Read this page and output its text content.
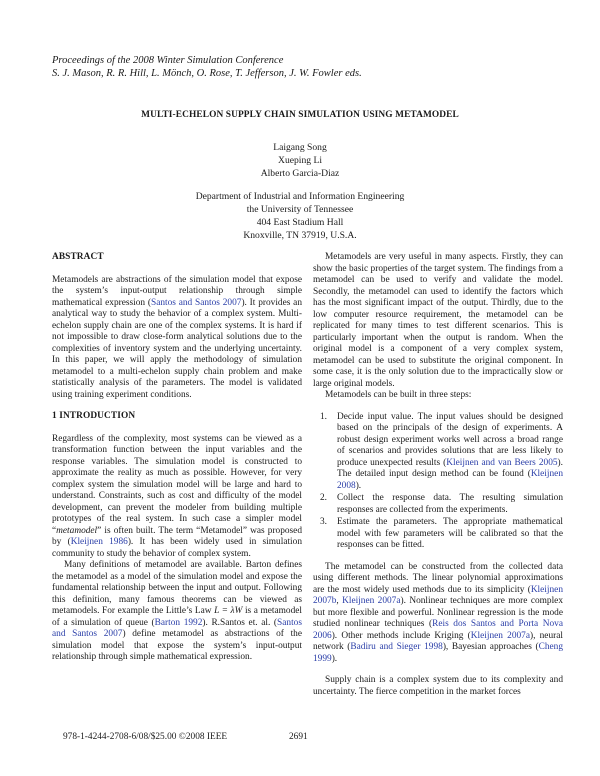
Proceedings of the 2008 Winter Simulation Conference
S. J. Mason, R. R. Hill, L. Mönch, O. Rose, T. Jefferson, J. W. Fowler eds.
MULTI-ECHELON SUPPLY CHAIN SIMULATION USING METAMODEL
Laigang Song
Xueping Li
Alberto Garcia-Diaz
Department of Industrial and Information Engineering
the University of Tennessee
404 East Stadium Hall
Knoxville, TN 37919, U.S.A.
ABSTRACT

Metamodels are abstractions of the simulation model that expose the system’s input-output relationship through simple mathematical expression (Santos and Santos 2007). It provides an analytical way to study the behavior of a complex system. Multi-echelon supply chain are one of the complex systems. It is hard if not impossible to draw close-form analytical solutions due to the complexities of inventory system and the underlying uncertainty. In this paper, we will apply the methodology of simulation metamodel to a multi-echelon supply chain problem and make statistically analysis of the parameters. The model is validated using training experiment conditions.

1 INTRODUCTION

Regardless of the complexity, most systems can be viewed as a transformation function between the input variables and the response variables. The simulation model is constructed to approximate the reality as much as possible. However, for very complex system the simulation model will be large and hard to understand. Constraints, such as cost and difficulty of the model development, can prevent the modeler from building multiple prototypes of the real system. In such case a simpler model “metamodel” is often built. The term “Metamodel” was proposed by (Kleijnen 1986). It has been widely used in simulation community to study the behavior of complex system.

Many definitions of metamodel are available. Barton defines the metamodel as a model of the simulation model and expose the fundamental relationship between the input and output. Following this definition, many famous theorems can be viewed as metamodels. For example the Little’s Law L = λW is a metamodel of a simulation of queue (Barton 1992). R.Santos et. al. (Santos and Santos 2007) define metamodel as abstractions of the simulation model that expose the system’s input-output relationship through simple mathematical expression.

Metamodels are very useful in many aspects. Firstly, they can show the basic properties of the target system. The findings from a metamodel can be used to verify and validate the model. Secondly, the metamodel can used to identify the factors which has the most significant impact of the output. Thirdly, due to the low computer resource requirement, the metamodel can be replicated for many times to test different scenarios. This is particularly important when the output is random. When the original model is a component of a very complex system, metamodel can be used to substitute the original component. In some case, it is the only solution due to the impractically slow or large original models.

Metamodels can be built in three steps:

1. Decide input value. The input values should be designed based on the principals of the design of experiments. A robust design experiment works well across a broad range of scenarios and provides solutions that are less likely to produce unexpected results (Kleijnen and van Beers 2005). The detailed input design method can be found (Kleijnen 2008).
2. Collect the response data. The resulting simulation responses are collected from the experiments.
3. Estimate the parameters. The appropriate mathematical model with few parameters will be calibrated so that the responses can be fitted.

The metamodel can be constructed from the collected data using different methods. The linear polynomial approximations are the most widely used methods due to its simplicity (Kleijnen 2007b, Kleijnen 2007a). Nonlinear techniques are more complex but more flexible and powerful. Nonlinear regression is the mode studied nonlinear techniques (Reis dos Santos and Porta Nova 2006). Other methods include Kriging (Kleijnen 2007a), neural network (Badiru and Sieger 1998), Bayesian approaches (Cheng 1999).

Supply chain is a complex system due to its complexity and uncertainty. The fierce competition in the market forces

978-1-4244-2708-6/08/$25.00 ©2008 IEEE	2691
